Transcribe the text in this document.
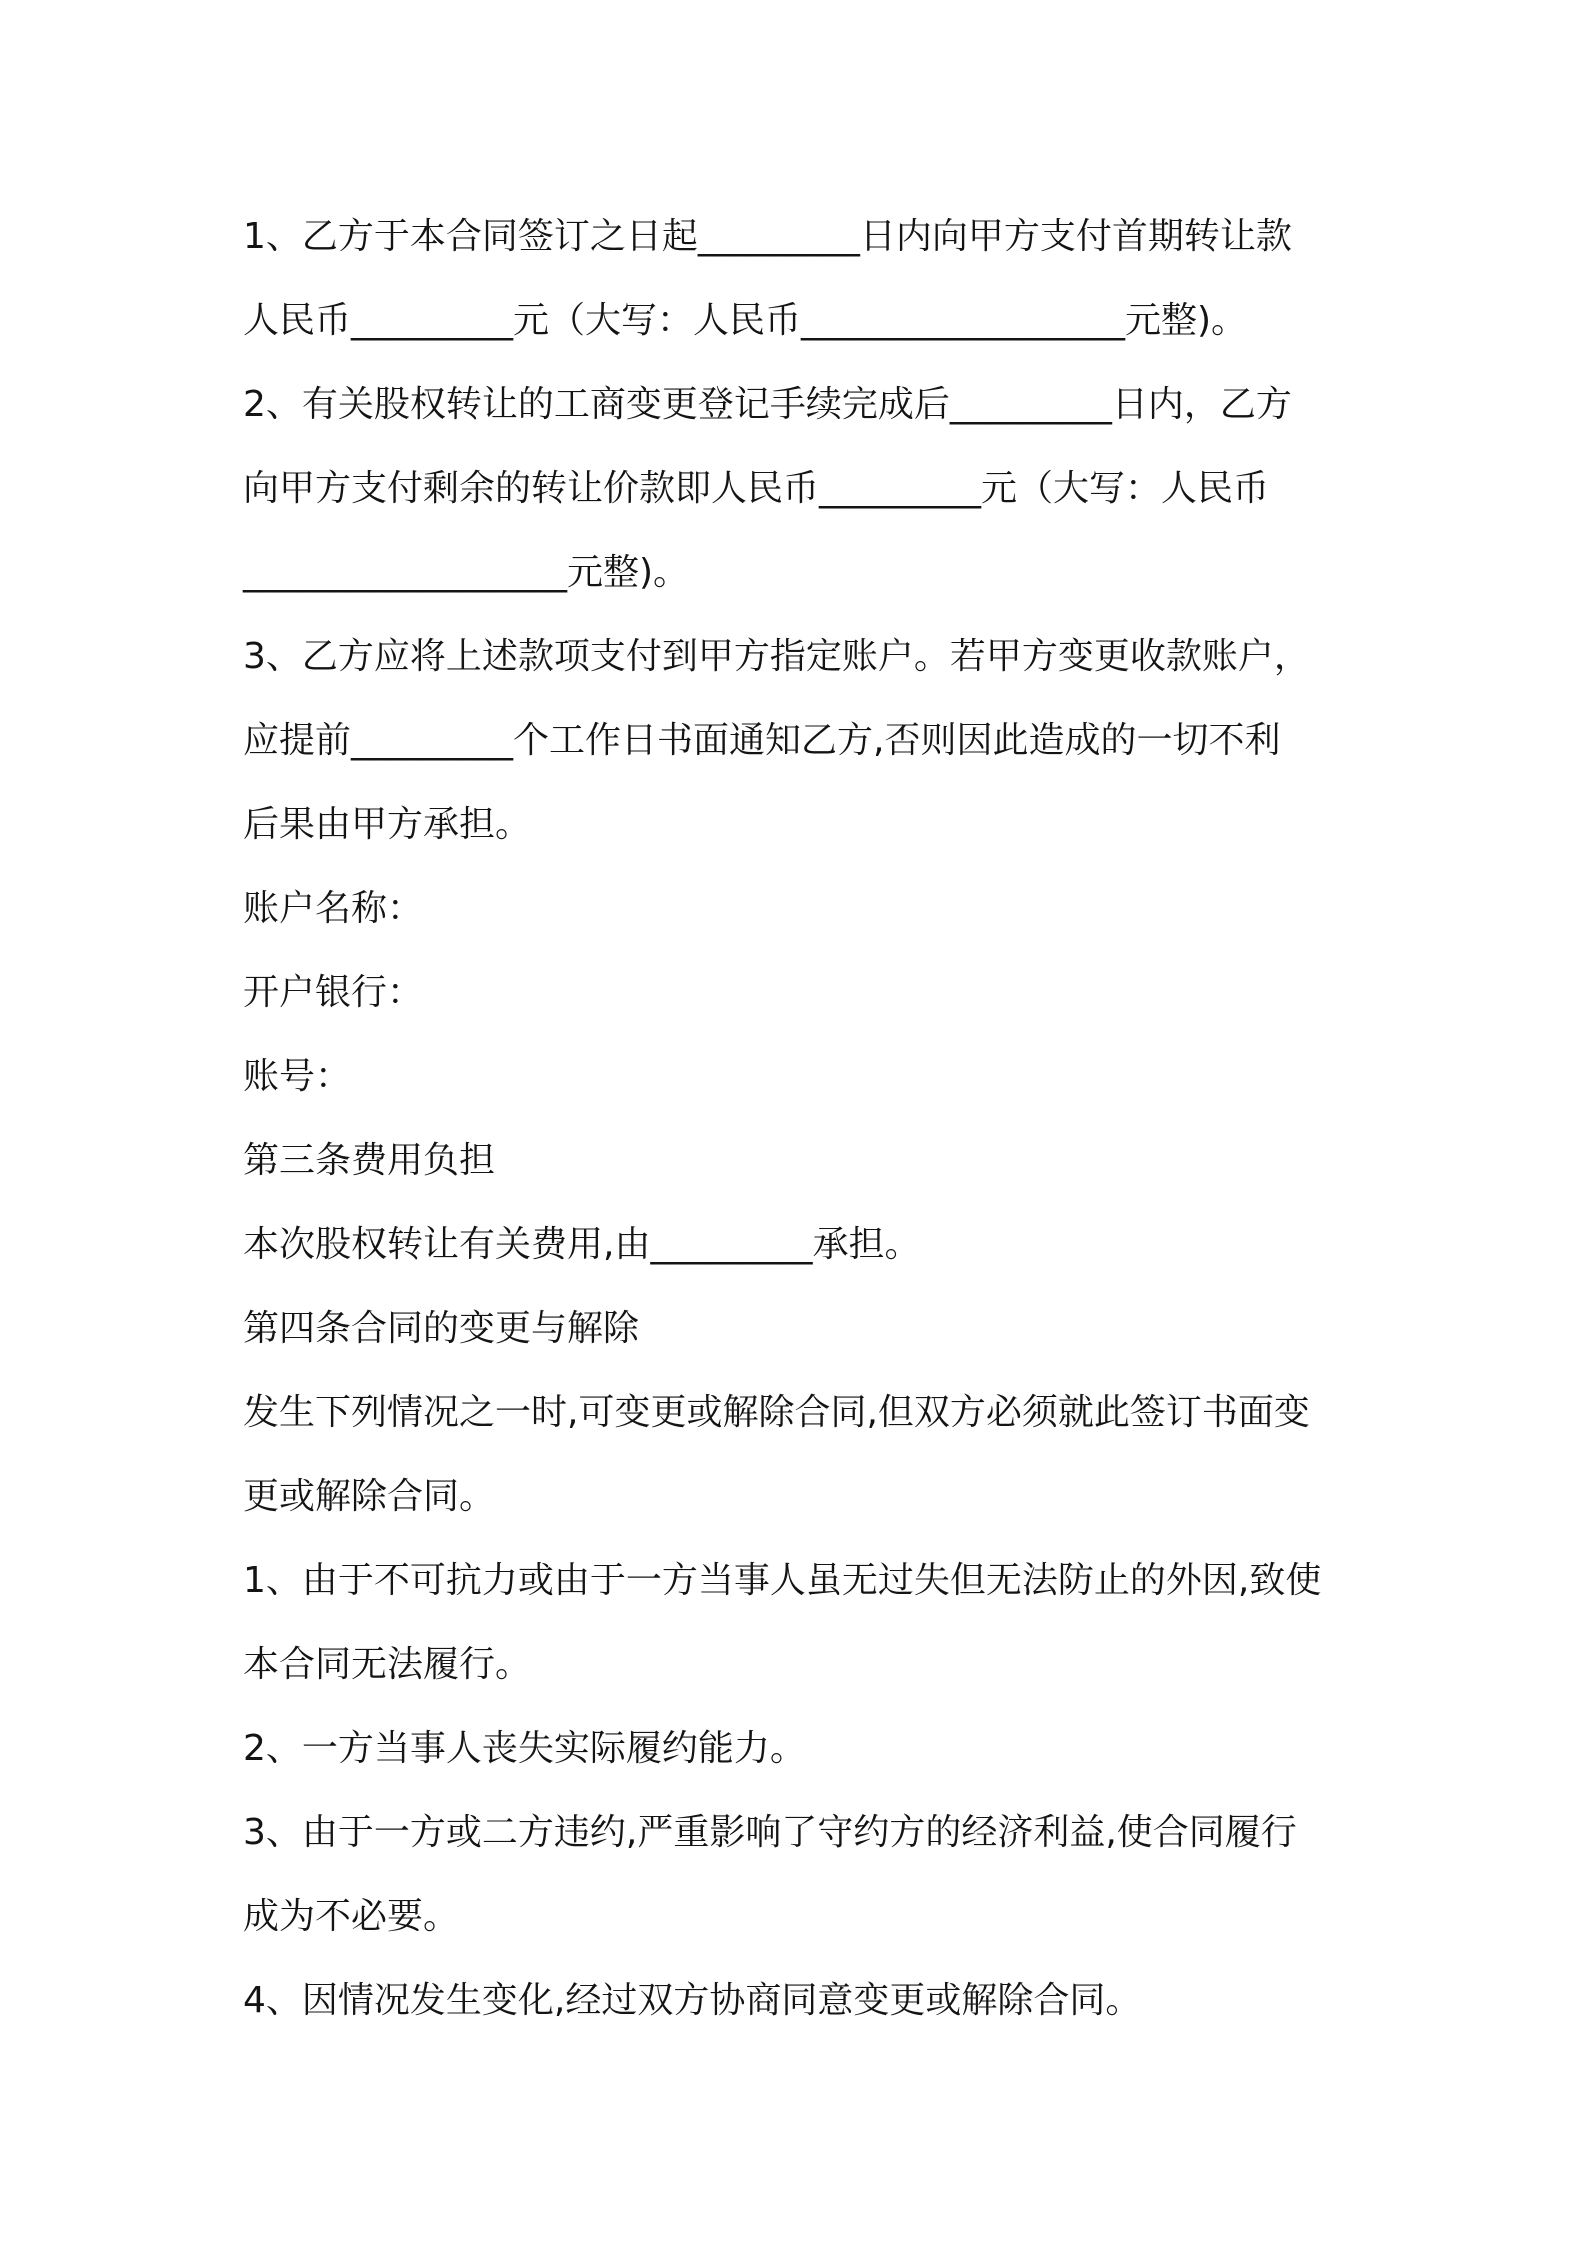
1、乙方于本合同签订之日起_________日内向甲方支付首期转让款
人民币_________元（大写：人民币__________________元整)。
2、有关股权转让的工商变更登记手续完成后_________日内，乙方
向甲方支付剩余的转让价款即人民币_________元（大写：人民币
__________________元整)。
3、乙方应将上述款项支付到甲方指定账户。若甲方变更收款账户，
应提前_________个工作日书面通知乙方,否则因此造成的一切不利
后果由甲方承担。
账户名称：
开户银行：
账号：
第三条费用负担
本次股权转让有关费用,由_________承担。
第四条合同的变更与解除
发生下列情况之一时,可变更或解除合同,但双方必须就此签订书面变
更或解除合同。
1、由于不可抗力或由于一方当事人虽无过失但无法防止的外因,致使
本合同无法履行。
2、一方当事人丧失实际履约能力。
3、由于一方或二方违约,严重影响了守约方的经济利益,使合同履行
成为不必要。
4、因情况发生变化,经过双方协商同意变更或解除合同。
